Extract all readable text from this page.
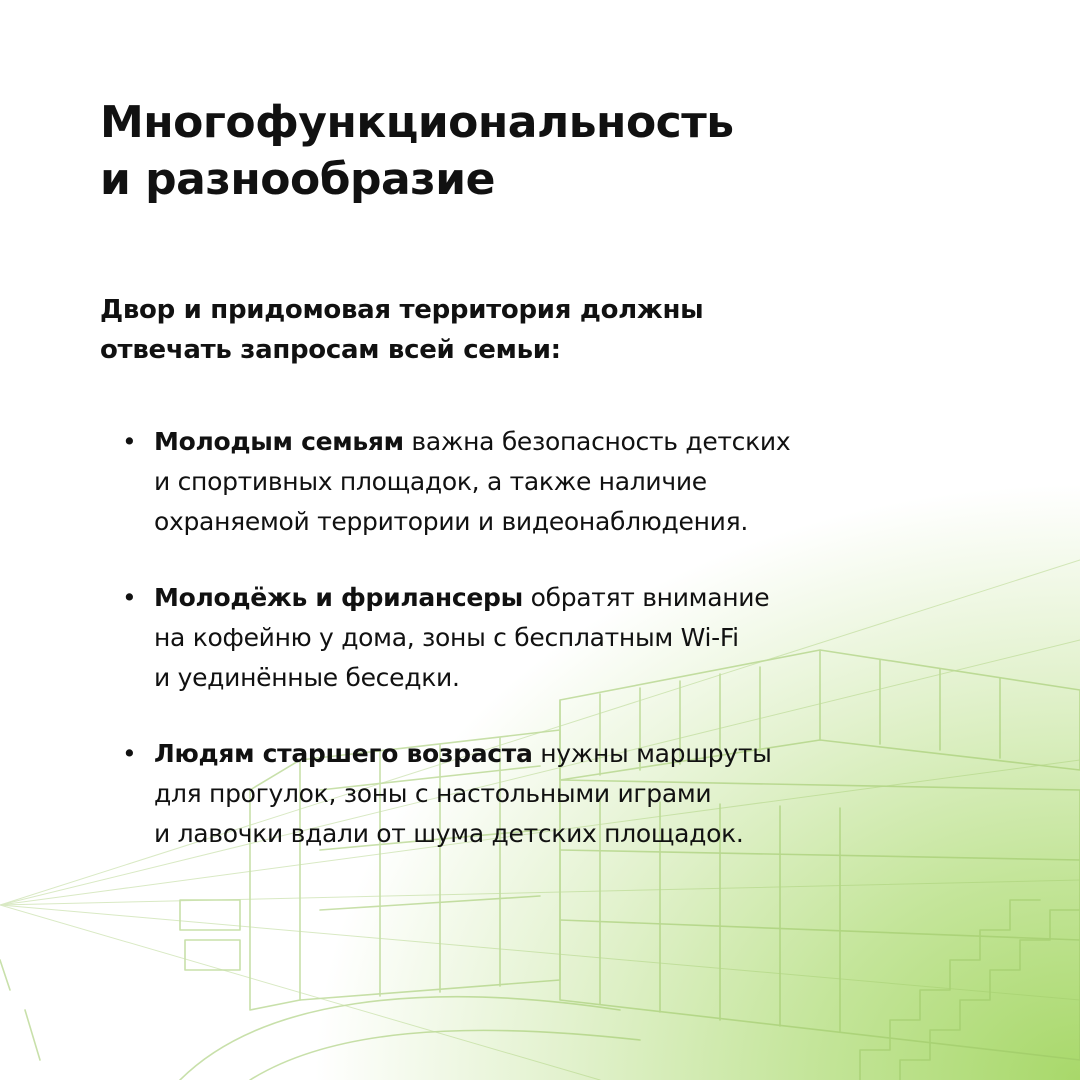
Многофункциональность
и разнообразие

Двор и придомовая территория должны
отвечать запросам всей семьи:

• Молодым семьям важна безопасность детских
и спортивных площадок, а также наличие
охраняемой территории и видеонаблюдения.
• Молодёжь и фрилансеры обратят внимание
на кофейню у дома, зоны с бесплатным Wi-Fi
и уединённые беседки.
• Людям старшего возраста нужны маршруты
для прогулок, зоны с настольными играми
и лавочки вдали от шума детских площадок.
